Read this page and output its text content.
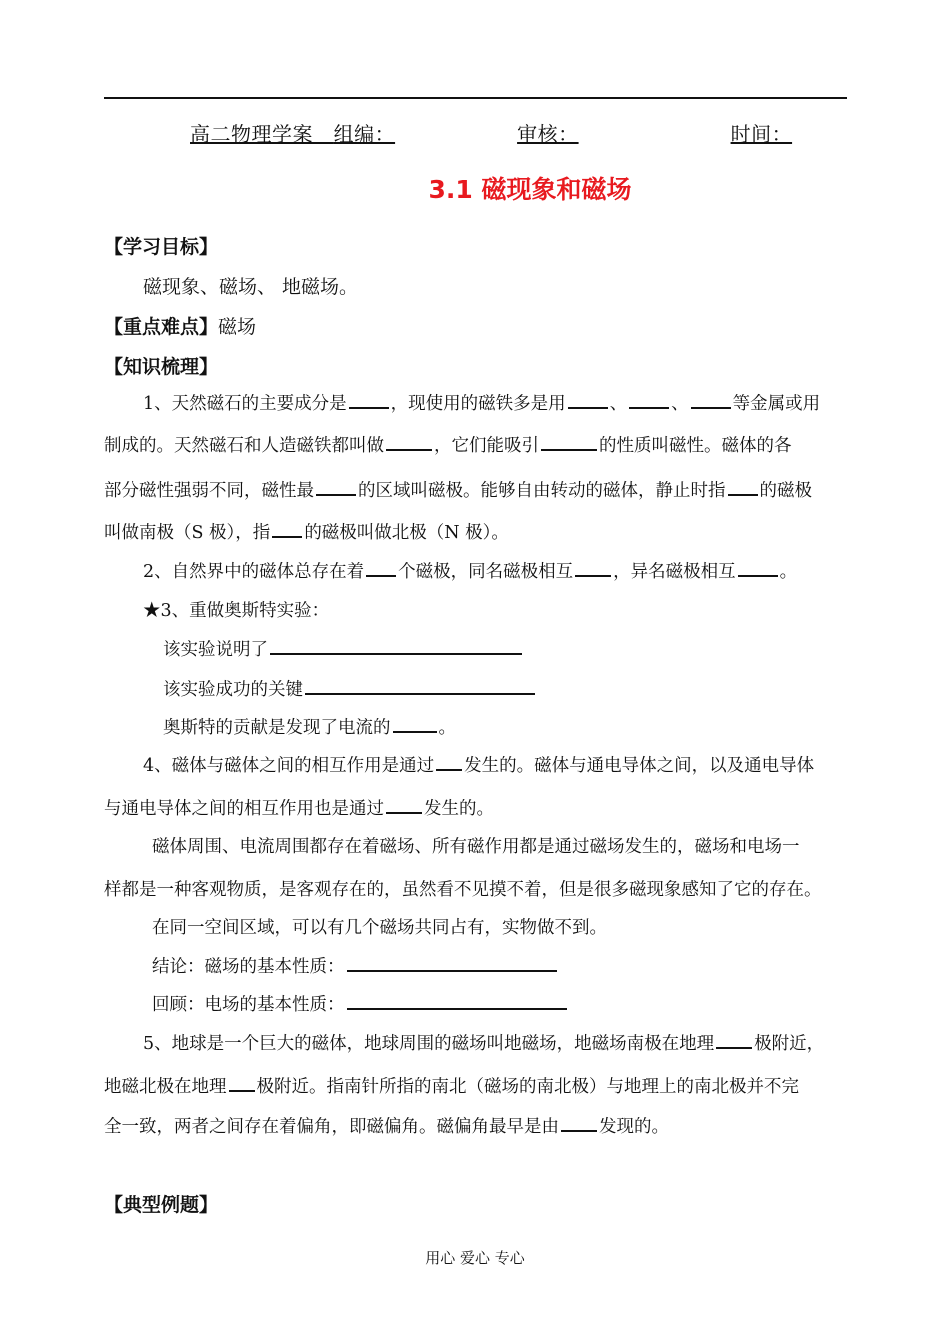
高二物理学案 组编：	审核：	时间：
3.1 磁现象和磁场
【学习目标】
磁现象、磁场、 地磁场。
【重点难点】磁场
【知识梳理】
1、天然磁石的主要成分是	，现使用的磁铁多是用	、	、	等金属或用
制成的。天然磁石和人造磁铁都叫做	，它们能吸引	的性质叫磁性。磁体的各
部分磁性强弱不同，磁性最	的区域叫磁极。能够自由转动的磁体，静止时指 的磁极
叫做南极（S 极），指 的磁极叫做北极（N 极）。
2、自然界中的磁体总存在着 个磁极，同名磁极相互 ，异名磁极相互	。
★3、重做奥斯特实验：
该实验说明了
该实验成功的关键
奥斯特的贡献是发现了电流的	。
4、磁体与磁体之间的相互作用是通过 发生的。磁体与通电导体之间，以及通电导体
与通电导体之间的相互作用也是通过 发生的。
磁体周围、电流周围都存在着磁场、所有磁作用都是通过磁场发生的，磁场和电场一
样都是一种客观物质，是客观存在的，虽然看不见摸不着，但是很多磁现象感知了它的存在。
在同一空间区域，可以有几个磁场共同占有，实物做不到。
结论：磁场的基本性质：
回顾：电场的基本性质：
5、地球是一个巨大的磁体，地球周围的磁场叫地磁场，地磁场南极在地理 极附近，
地磁北极在地理 极附近。指南针所指的南北（磁场的南北极）与地理上的南北极并不完
全一致，两者之间存在着偏角，即磁偏角。磁偏角最早是由 发现的。
【典型例题】
用心 爱心 专心
